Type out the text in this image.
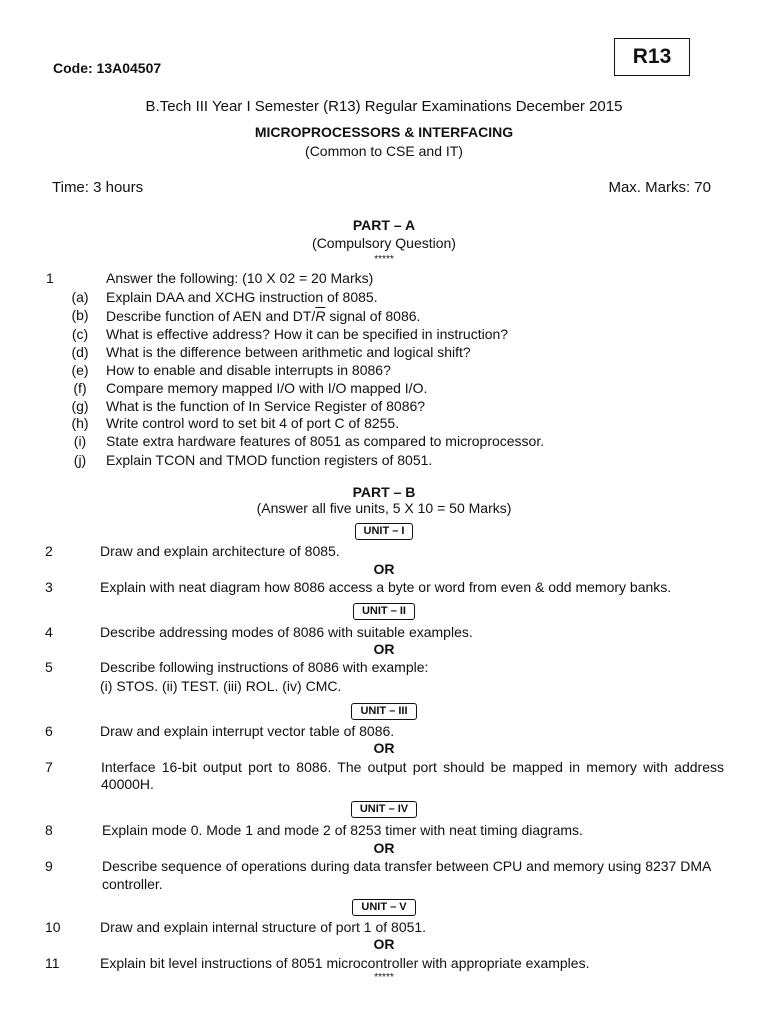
Code: 13A04507	R13
B.Tech III Year I Semester (R13) Regular Examinations December 2015
MICROPROCESSORS & INTERFACING
(Common to CSE and IT)
Time: 3 hours	Max. Marks: 70
PART – A
(Compulsory Question)
*****
1	Answer the following: (10 X 02 = 20 Marks)
(a) Explain DAA and XCHG instruction of 8085.
(b) Describe function of AEN and $DT/\overline{R}$ signal of 8086.
(c) What is effective address? How it can be specified in instruction?
(d) What is the difference between arithmetic and logical shift?
(e) How to enable and disable interrupts in 8086?
(f)	Compare memory mapped I/O with I/O mapped I/O.
(g) What is the function of In Service Register of 8086?
(h) Write control word to set bit 4 of port C of 8255.
(i)	State extra hardware features of 8051 as compared to microprocessor.
(j)	Explain TCON and TMOD function registers of 8051.
PART – B
(Answer all five units, 5 X 10 = 50 Marks)
UNIT – I
2	Draw and explain architecture of 8085.
OR
3	Explain with neat diagram how 8086 access a byte or word from even & odd memory banks.
UNIT – II
4	Describe addressing modes of 8086 with suitable examples.
OR
5	Describe following instructions of 8086 with example:
(i) STOS. (ii) TEST. (iii) ROL. (iv) CMC.
UNIT – III
6	Draw and explain interrupt vector table of 8086.
OR
7	Interface 16-bit output port to 8086. The output port should be mapped in memory with address
40000H.
UNIT – IV
8	Explain mode 0. Mode 1 and mode 2 of 8253 timer with neat timing diagrams.
OR
9	Describe sequence of operations during data transfer between CPU and memory using 8237 DMA
controller.
UNIT – V
10	Draw and explain internal structure of port 1 of 8051.
OR
11	Explain bit level instructions of 8051 microcontroller with appropriate examples.
*****
